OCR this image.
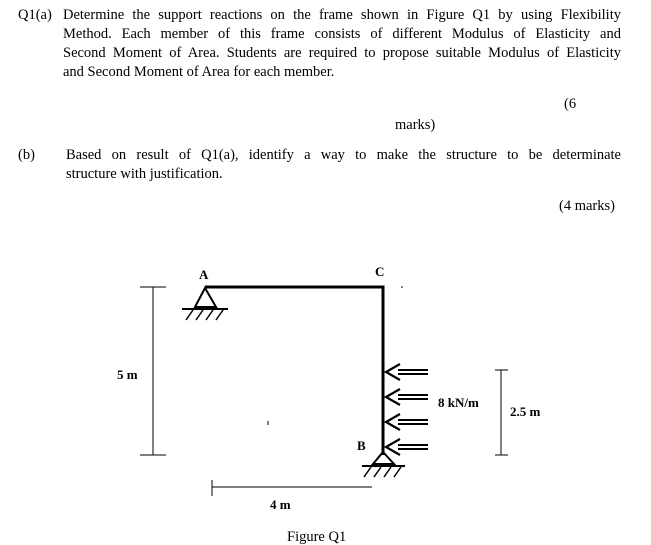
Q1(a) Determine the support reactions on the frame shown in Figure Q1 by using Flexibility
Method. Each member of this frame consists of different Modulus of Elasticity and
Second Moment of Area. Students are required to propose suitable Modulus of Elasticity
and Second Moment of Area for each member.
(6
marks)
(b) Based on result of Q1(a), identify a way to make the structure to be determinate
structure with justification.
(4 marks)
A	C
B
5 m
8 kN/m
2.5 m
4 m
Figure Q1
